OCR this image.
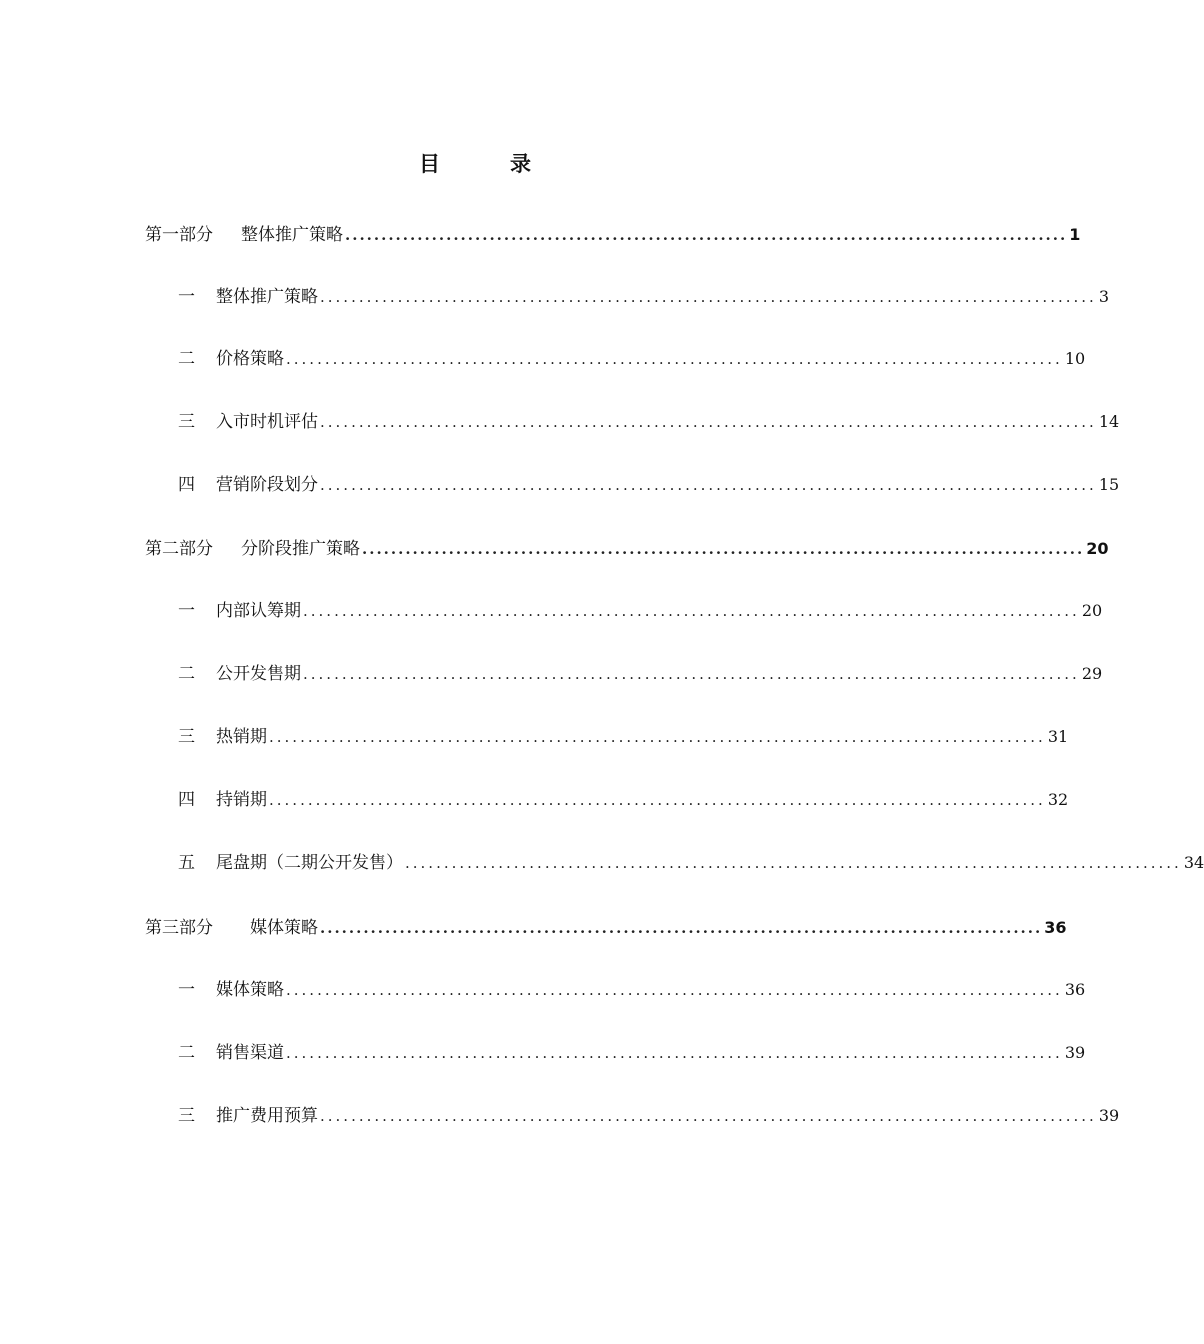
目	录
第一部分	整体推广策略 .................................................................................................... 1
一	整体推广策略 .................................................................................................... 3
二	价格策略 .................................................................................................... 10
三	入市时机评估 .................................................................................................... 14
四	营销阶段划分 .................................................................................................... 15
第二部分	分阶段推广策略 .................................................................................................... 20
一	内部认筹期 .................................................................................................... 20
二	公开发售期 .................................................................................................... 29
三	热销期 .................................................................................................... 31
四	持销期 .................................................................................................... 32
五	尾盘期（二期公开发售） .................................................................................................... 34
第三部分	媒体策略 .................................................................................................... 36
一	媒体策略 .................................................................................................... 36
二	销售渠道 .................................................................................................... 39
三	推广费用预算 .................................................................................................... 39
